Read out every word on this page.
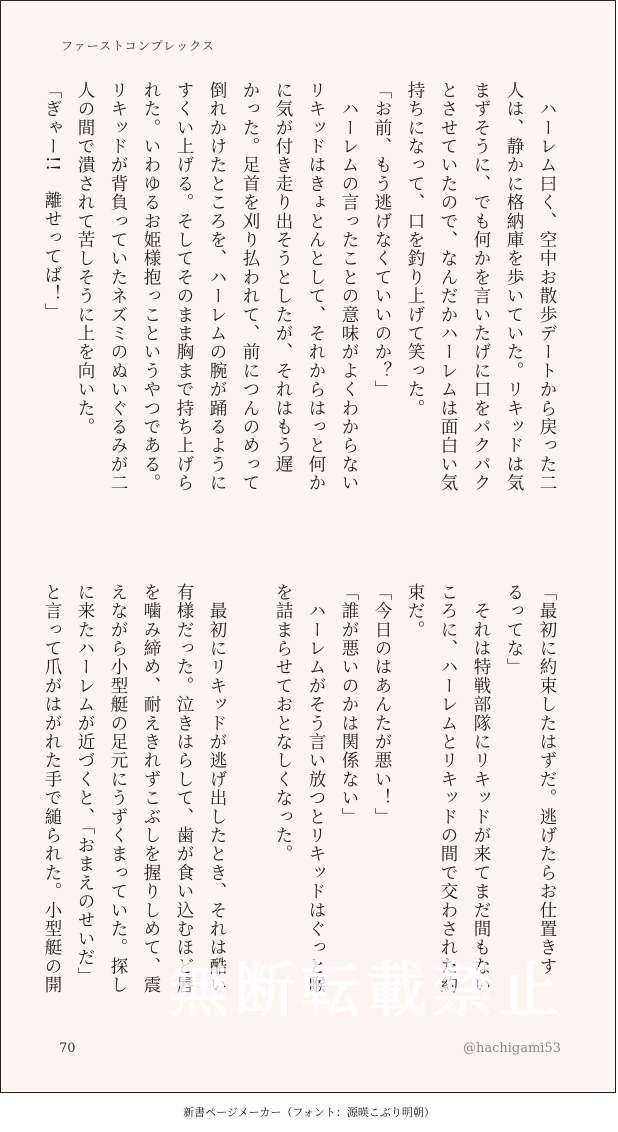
ファーストコンプレックス

　ハーレム曰く、空中お散歩デートから戻った二

人は、静かに格納庫を歩いていた。リキッドは気

まずそうに、でも何かを言いたげに口をパクパク

とさせていたので、なんだかハーレムは面白い気

持ちになって、口を釣り上げて笑った。

「お前、もう逃げなくていいのか？」

　ハーレムの言ったことの意味がよくわからない

リキッドはきょとんとして、それからはっと何か

に気が付き走り出そうとしたが、それはもう遅

かった。足首を刈り払われて、前につんのめって

倒れかけたところを、ハーレムの腕が踊るように

すくい上げる。そしてそのまま胸まで持ち上げら

れた。いわゆるお姫様抱っこというやつである。

リキッドが背負っていたネズミのぬいぐるみが二

人の間で潰されて苦しそうに上を向いた。

「ぎゃー!!　離せってば！」

「最初に約束したはずだ。逃げたらお仕置きす

るってな」

　それは特戦部隊にリキッドが来てまだ間もない

ころに、ハーレムとリキッドの間で交わされた約

束だ。

「今日のはあんたが悪い！」

「誰が悪いのかは関係ない」

　ハーレムがそう言い放つとリキッドはぐっと喉

を詰まらせておとなしくなった。

　最初にリキッドが逃げ出したとき、それは酷い

有様だった。泣きはらして、歯が食い込むほど唇

を噛み締め、耐えきれずこぶしを握りしめて、震

えながら小型艇の足元にうずくまっていた。探し

に来たハーレムが近づくと、「おまえのせいだ」

と言って爪がはがれた手で縋られた。小型艇の開 無断転載禁止
70	@hachigami53
新書ページメーカー（フォント：源暎こぶり明朝）
